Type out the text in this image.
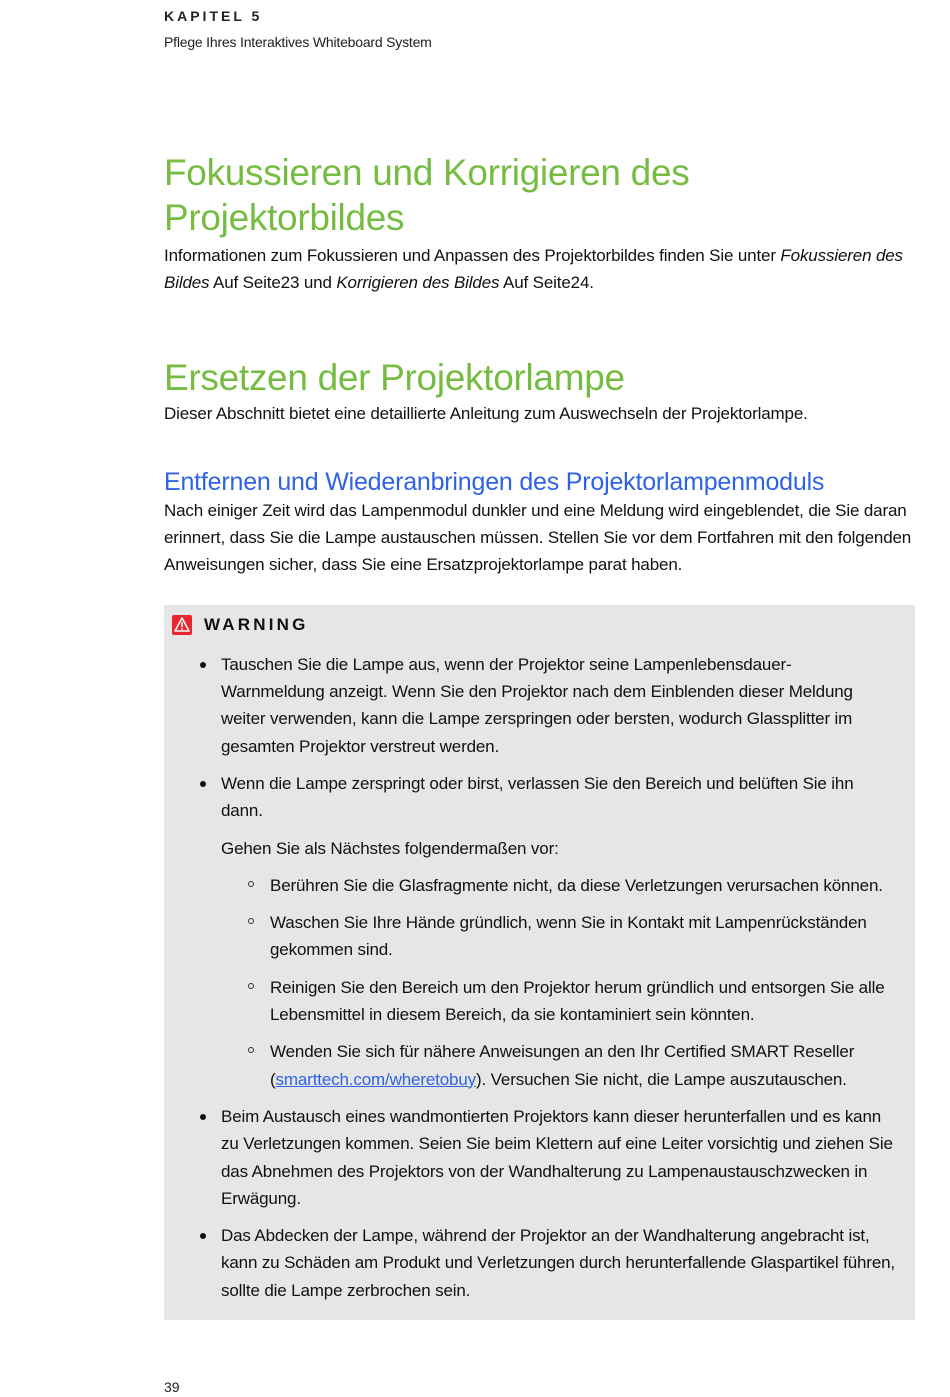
KAPITEL 5
Pflege Ihres Interaktives Whiteboard System
Fokussieren und Korrigieren des
Projektorbildes

Informationen zum Fokussieren und Anpassen des Projektorbildes finden Sie unter Fokussieren des Bildes Auf Seite23 und Korrigieren des Bildes Auf Seite24.

Ersetzen der Projektorlampe

Dieser Abschnitt bietet eine detaillierte Anleitung zum Auswechseln der Projektorlampe.

Entfernen und Wiederanbringen des Projektorlampenmoduls

Nach einiger Zeit wird das Lampenmodul dunkler und eine Meldung wird eingeblendet, die Sie daran erinnert, dass Sie die Lampe austauschen müssen. Stellen Sie vor dem Fortfahren mit den folgenden Anweisungen sicher, dass Sie eine Ersatzprojektorlampe parat haben.

WARNING
Tauschen Sie die Lampe aus, wenn der Projektor seine Lampenlebensdauer-Warnmeldung anzeigt. Wenn Sie den Projektor nach dem Einblenden dieser Meldung weiter verwenden, kann die Lampe zerspringen oder bersten, wodurch Glassplitter im gesamten Projektor verstreut werden.
Wenn die Lampe zerspringt oder birst, verlassen Sie den Bereich und belüften Sie ihn dann.
Gehen Sie als Nächstes folgendermaßen vor:
Berühren Sie die Glasfragmente nicht, da diese Verletzungen verursachen können.
Waschen Sie Ihre Hände gründlich, wenn Sie in Kontakt mit Lampenrückständen gekommen sind.
Reinigen Sie den Bereich um den Projektor herum gründlich und entsorgen Sie alle Lebensmittel in diesem Bereich, da sie kontaminiert sein könnten.
Wenden Sie sich für nähere Anweisungen an den Ihr Certified SMART Reseller (smarttech.com/wheretobuy). Versuchen Sie nicht, die Lampe auszutauschen.
Beim Austausch eines wandmontierten Projektors kann dieser herunterfallen und es kann zu Verletzungen kommen. Seien Sie beim Klettern auf eine Leiter vorsichtig und ziehen Sie das Abnehmen des Projektors von der Wandhalterung zu Lampenaustauschzwecken in Erwägung.
Das Abdecken der Lampe, während der Projektor an der Wandhalterung angebracht ist, kann zu Schäden am Produkt und Verletzungen durch herunterfallende Glaspartikel führen, sollte die Lampe zerbrochen sein.
39
